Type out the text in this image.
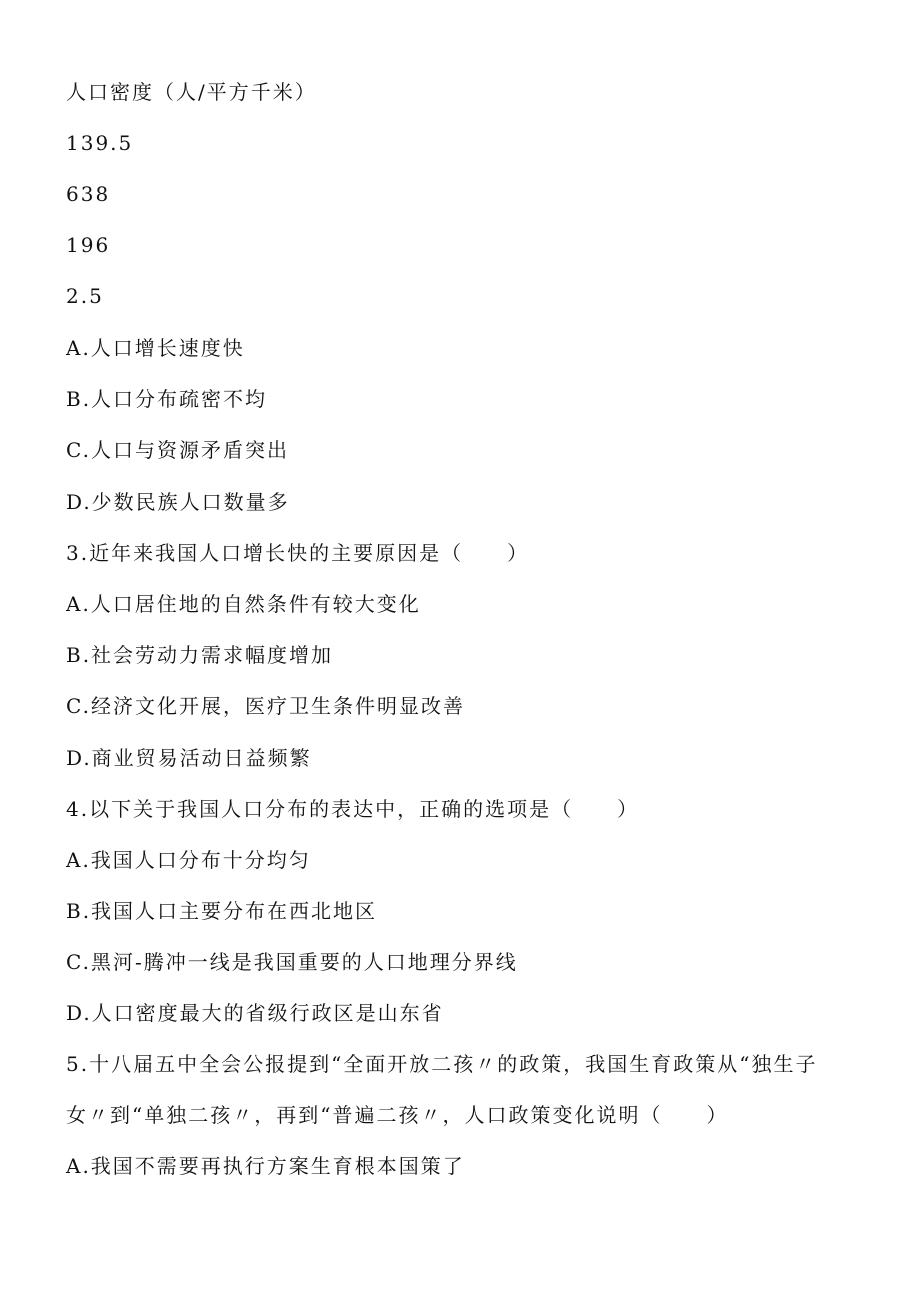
人口密度（人/平方千米）

139.5

638

196

2.5

A.人口增长速度快

B.人口分布疏密不均

C.人口与资源矛盾突出

D.少数民族人口数量多

3.近年来我国人口增长快的主要原因是（　　）

A.人口居住地的自然条件有较大变化

B.社会劳动力需求幅度增加

C.经济文化开展，医疗卫生条件明显改善

D.商业贸易活动日益频繁

4.以下关于我国人口分布的表达中，正确的选项是（　　）

A.我国人口分布十分均匀

B.我国人口主要分布在西北地区

C.黑河-腾冲一线是我国重要的人口地理分界线

D.人口密度最大的省级行政区是山东省

5.十八届五中全会公报提到“全面开放二孩〃的政策，我国生育政策从“独生子

女〃到“单独二孩〃，再到“普遍二孩〃，人口政策变化说明（　　）

A.我国不需要再执行方案生育根本国策了
